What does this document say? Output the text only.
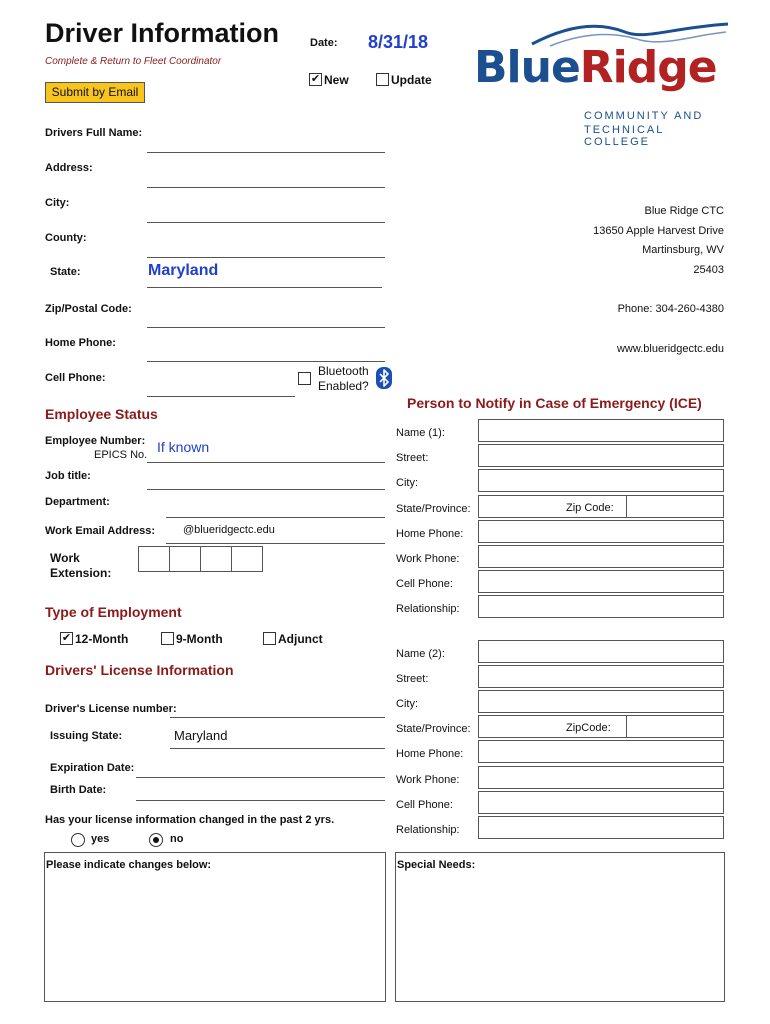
Driver Information
Complete & Return to Fleet Coordinator
Submit by Email
Date: 8/31/18
✔ New	Update BlueRidge
COMMUNITY AND
TECHNICAL COLLEGE
Blue Ridge CTC
13650 Apple Harvest Drive
Martinsburg, WV
25403
Phone: 304-260-4380
www.blueridgectc.edu
Drivers Full Name:
Address:
City:
County:
State:	Maryland
Zip/Postal Code:
Home Phone:
Cell Phone:	Bluetooth
Enabled?
Employee Status
Employee Number:
EPICS No. If known
Job title:
Department:
Work Email Address:	@blueridgectc.edu
Work
Extension:
Type of Employment
✔ 12-Month	9-Month	Adjunct
Drivers' License Information
Driver's License number:
Issuing State:	Maryland
Expiration Date:
Birth Date:
Has your license information changed in the past 2 yrs.
yes	no
Please indicate changes below:
Person to Notify in Case of Emergency (ICE)
Name (1):
Street:
City:
State/Province:	Zip Code:
Home Phone:
Work Phone:
Cell Phone:
Relationship:
Name (2):
Street:
City:
State/Province:	ZipCode:
Home Phone:
Work Phone:
Cell Phone:
Relationship:
Special Needs:
